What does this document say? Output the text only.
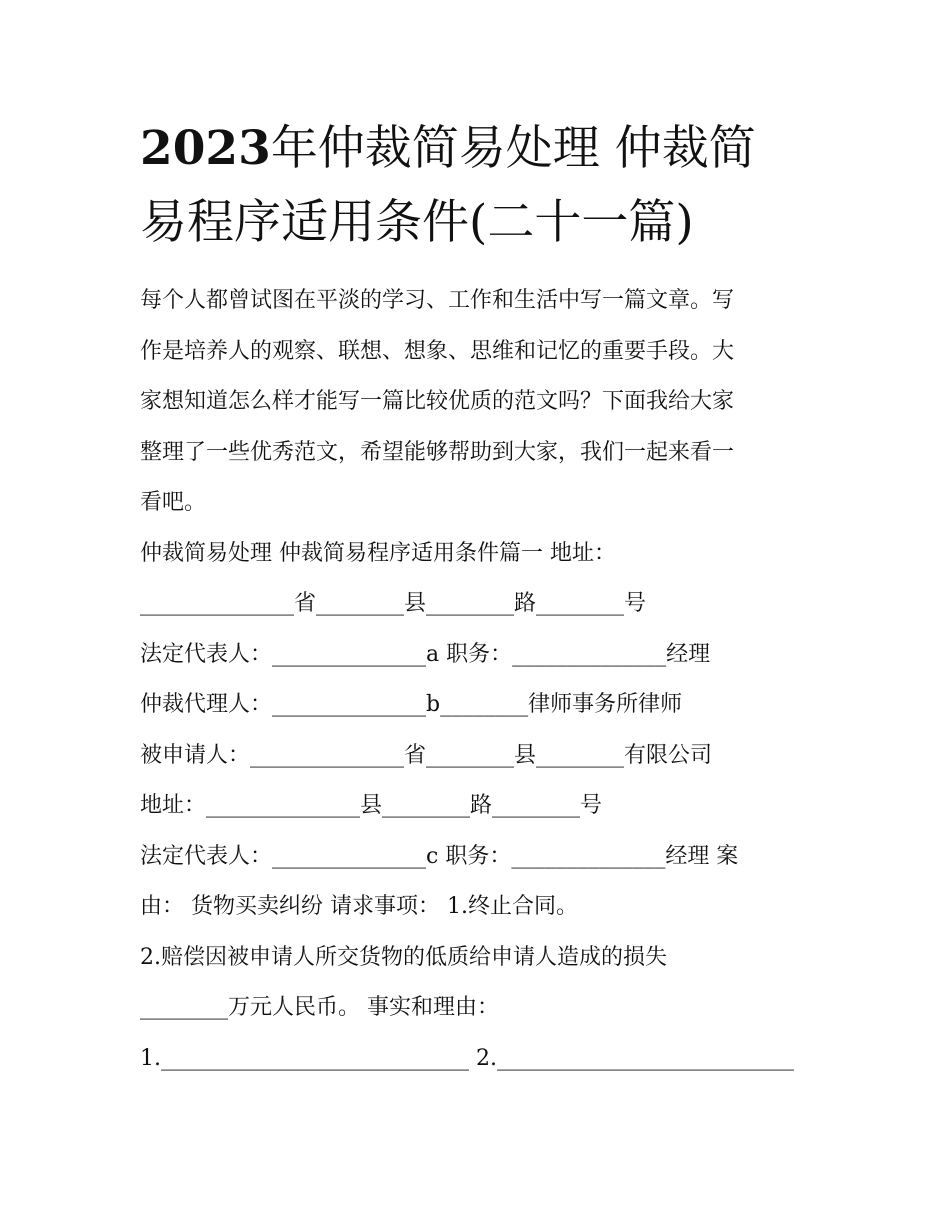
2023年仲裁简易处理 仲裁简
易程序适用条件(二十一篇)
每个人都曾试图在平淡的学习、工作和生活中写一篇文章。写
作是培养人的观察、联想、想象、思维和记忆的重要手段。大
家想知道怎么样才能写一篇比较优质的范文吗？下面我给大家
整理了一些优秀范文，希望能够帮助到大家，我们一起来看一
看吧。
仲裁简易处理 仲裁简易程序适用条件篇一 地址：
______________省________县________路________号
法定代表人：______________a 职务：______________经理
仲裁代理人：______________b________律师事务所律师
被申请人：______________省________县________有限公司
地址：______________县________路________号
法定代表人：______________c 职务：______________经理 案
由： 货物买卖纠纷 请求事项： 1.终止合同。
2.赔偿因被申请人所交货物的低质给申请人造成的损失
________万元人民币。 事实和理由：
1.____________________________ 2.___________________________
